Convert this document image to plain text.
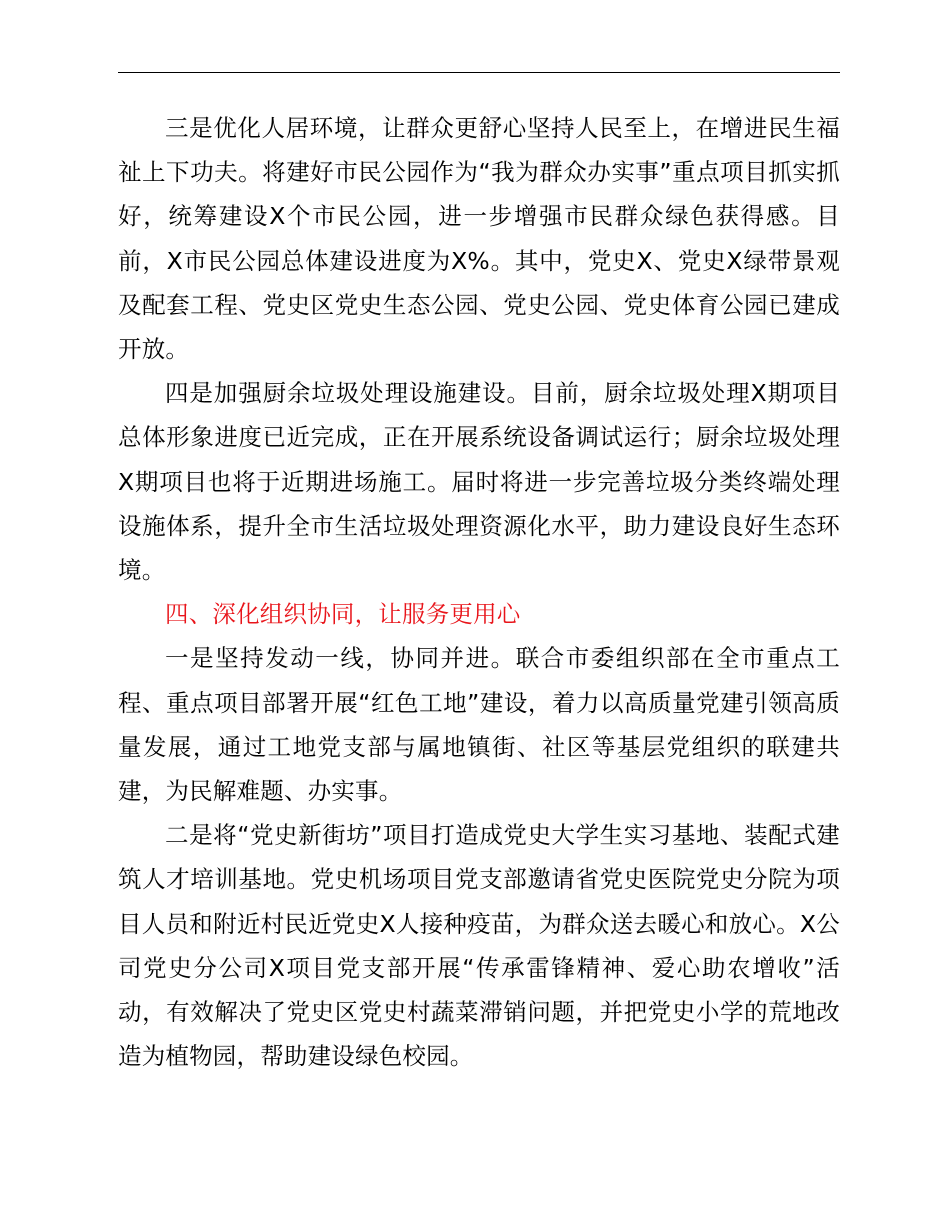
三是优化人居环境，让群众更舒心坚持人民至上，在增进民生福祉上下功夫。将建好市民公园作为“我为群众办实事”重点项目抓实抓好，统筹建设X个市民公园，进一步增强市民群众绿色获得感。目前，X市民公园总体建设进度为X%。其中，党史X、党史X绿带景观及配套工程、党史区党史生态公园、党史公园、党史体育公园已建成开放。

四是加强厨余垃圾处理设施建设。目前，厨余垃圾处理X期项目总体形象进度已近完成，正在开展系统设备调试运行；厨余垃圾处理X期项目也将于近期进场施工。届时将进一步完善垃圾分类终端处理设施体系，提升全市生活垃圾处理资源化水平，助力建设良好生态环境。

四、深化组织协同，让服务更用心

一是坚持发动一线，协同并进。联合市委组织部在全市重点工程、重点项目部署开展“红色工地”建设，着力以高质量党建引领高质量发展，通过工地党支部与属地镇街、社区等基层党组织的联建共建，为民解难题、办实事。

二是将“党史新街坊”项目打造成党史大学生实习基地、装配式建筑人才培训基地。党史机场项目党支部邀请省党史医院党史分院为项目人员和附近村民近党史X人接种疫苗，为群众送去暖心和放心。X公司党史分公司X项目党支部开展“传承雷锋精神、爱心助农增收”活动，有效解决了党史区党史村蔬菜滞销问题，并把党史小学的荒地改造为植物园，帮助建设绿色校园。
